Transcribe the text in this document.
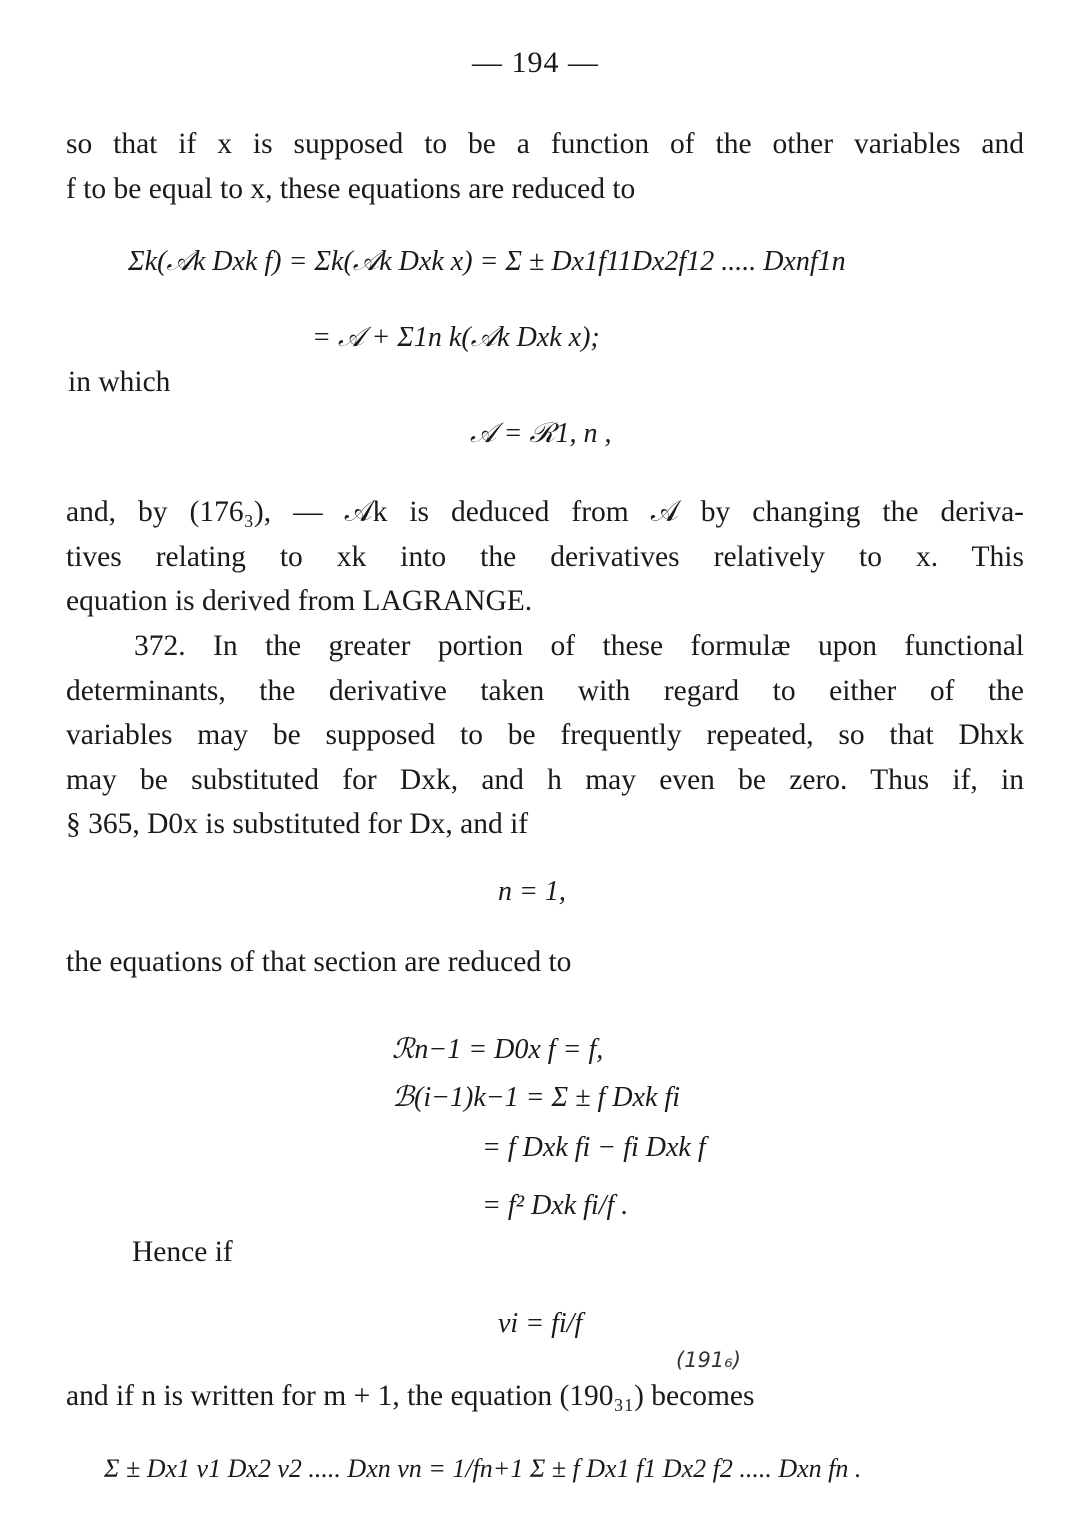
— 194 —
so that if x is supposed to be a function of the other variables and
f to be equal to x, these equations are reduced to
Σk(𝒜k Dxk f) = Σk(𝒜k Dxk x) = Σ ± Dx1f11Dx2f12 ..... Dxnf1n
= 𝒜 + Σ1n k(𝒜k Dxk x);
in which
𝒜 = ℛ1, n ,
and, by (176₃), — 𝒜k is deduced from 𝒜 by changing the deriva-
tives relating to xk into the derivatives relatively to x. This
equation is derived from LAGRANGE.
372. In the greater portion of these formulæ upon functional
determinants, the derivative taken with regard to either of the
variables may be supposed to be frequently repeated, so that Dhxk
may be substituted for Dxk, and h may even be zero. Thus if, in
§ 365, D0x is substituted for Dx, and if
n = 1,
the equations of that section are reduced to
ℛn−1 = D0x f = f,
ℬ(i−1)k−1 = Σ ± f Dxk fi
= f Dxk fi − fi Dxk f
= f² Dxk fi/f .
Hence if
vi = fi/f
(191₆)
and if n is written for m + 1, the equation (190₃₁) becomes
Σ ± Dx1 v1 Dx2 v2 ..... Dxn vn = 1/fn+1 Σ ± f Dx1 f1 Dx2 f2 ..... Dxn fn .
